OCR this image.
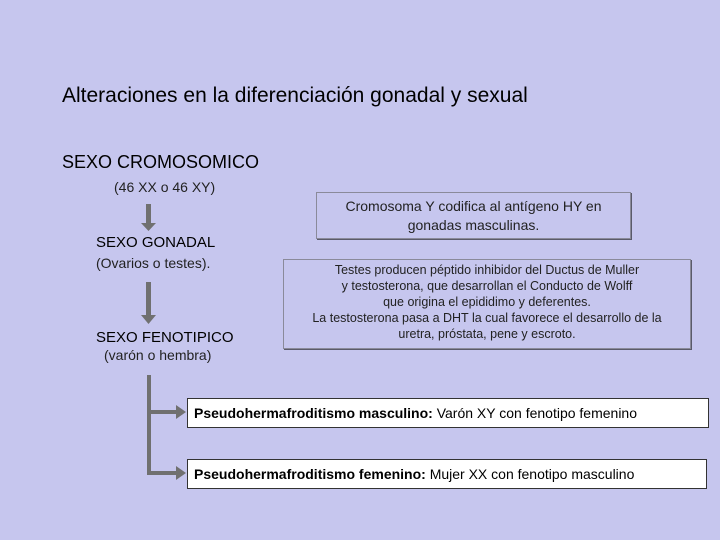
Alteraciones en la diferenciación gonadal y sexual
SEXO CROMOSOMICO
(46 XX o 46 XY)
SEXO GONADAL
(Ovarios o testes).
SEXO FENOTIPICO
(varón o hembra)
Cromosoma Y codifica al antígeno HY en
gonadas masculinas.
Testes producen péptido inhibidor del Ductus de Muller
y testosterona, que desarrollan el Conducto de Wolff
que origina el epididimo y deferentes.
La testosterona pasa a DHT la cual favorece el desarrollo de la
uretra, próstata, pene y escroto.
Pseudohermafroditismo masculino: Varón XY con fenotipo femenino
Pseudohermafroditismo femenino: Mujer XX con fenotipo masculino
